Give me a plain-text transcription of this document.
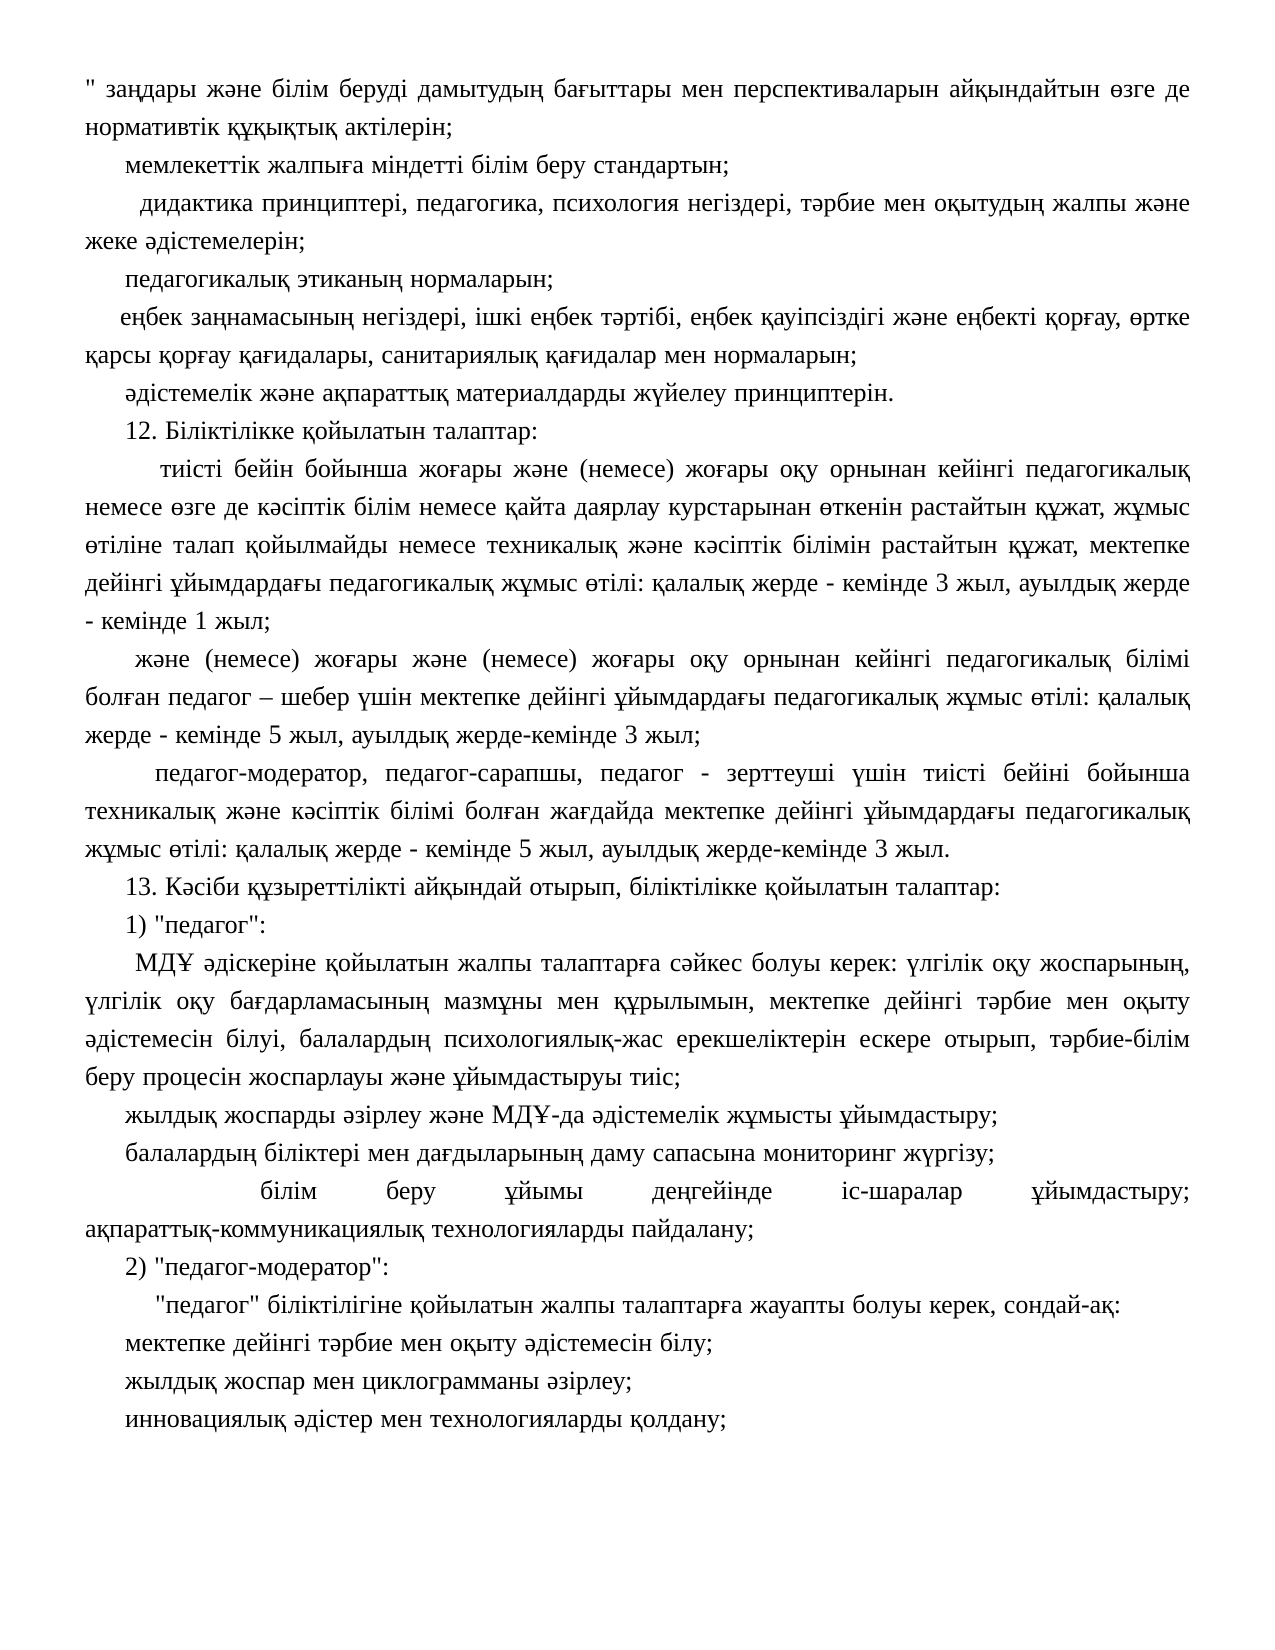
" заңдары және білім беруді дамытудың бағыттары мен перспективаларын айқындайтын өзге де нормативтік құқықтық актілерін;

мемлекеттік жалпыға міндетті білім беру стандартын;

дидактика принциптері, педагогика, психология негіздері, тәрбие мен оқытудың жалпы және жеке әдістемелерін;

педагогикалық этиканың нормаларын;

еңбек заңнамасының негіздері, ішкі еңбек тәртібі, еңбек қауіпсіздігі және еңбекті қорғау, өртке қарсы қорғау қағидалары, санитариялық қағидалар мен нормаларын;

әдістемелік және ақпараттық материалдарды жүйелеу принциптерін.

12. Біліктілікке қойылатын талаптар:

тиісті бейін бойынша жоғары және (немесе) жоғары оқу орнынан кейінгі педагогикалық немесе өзге де кәсіптік білім немесе қайта даярлау курстарынан өткенін растайтын құжат, жұмыс өтіліне талап қойылмайды немесе техникалық және кәсіптік білімін растайтын құжат, мектепке дейінгі ұйымдардағы педагогикалық жұмыс өтілі: қалалық жерде - кемінде 3 жыл, ауылдық жерде - кемінде 1 жыл;

және (немесе) жоғары және (немесе) жоғары оқу орнынан кейінгі педагогикалық білімі болған педагог – шебер үшін мектепке дейінгі ұйымдардағы педагогикалық жұмыс өтілі: қалалық жерде - кемінде 5 жыл, ауылдық жерде-кемінде 3 жыл;

педагог-модератор, педагог-сарапшы, педагог - зерттеуші үшін тиісті бейіні бойынша техникалық және кәсіптік білімі болған жағдайда мектепке дейінгі ұйымдардағы педагогикалық жұмыс өтілі: қалалық жерде - кемінде 5 жыл, ауылдық жерде-кемінде 3 жыл.

13. Кәсіби құзыреттілікті айқындай отырып, біліктілікке қойылатын талаптар:

1) "педагог":

МДҰ әдіскеріне қойылатын жалпы талаптарға сәйкес болуы керек: үлгілік оқу жоспарының, үлгілік оқу бағдарламасының мазмұны мен құрылымын, мектепке дейінгі тәрбие мен оқыту әдістемесін білуі, балалардың психологиялық-жас ерекшеліктерін ескере отырып, тәрбие-білім беру процесін жоспарлауы және ұйымдастыруы тиіс;

жылдық жоспарды әзірлеу және МДҰ-да әдістемелік жұмысты ұйымдастыру;

балалардың біліктері мен дағдыларының даму сапасына мониторинг жүргізу;

білім беру ұйымы деңгейінде іс-шаралар ұйымдастыру;

ақпараттық-коммуникациялық технологияларды пайдалану;

2) "педагог-модератор":

"педагог" біліктілігіне қойылатын жалпы талаптарға жауапты болуы керек, сондай-ақ:

мектепке дейінгі тәрбие мен оқыту әдістемесін білу;

жылдық жоспар мен циклограмманы әзірлеу;

инновациялық әдістер мен технологияларды қолдану;
